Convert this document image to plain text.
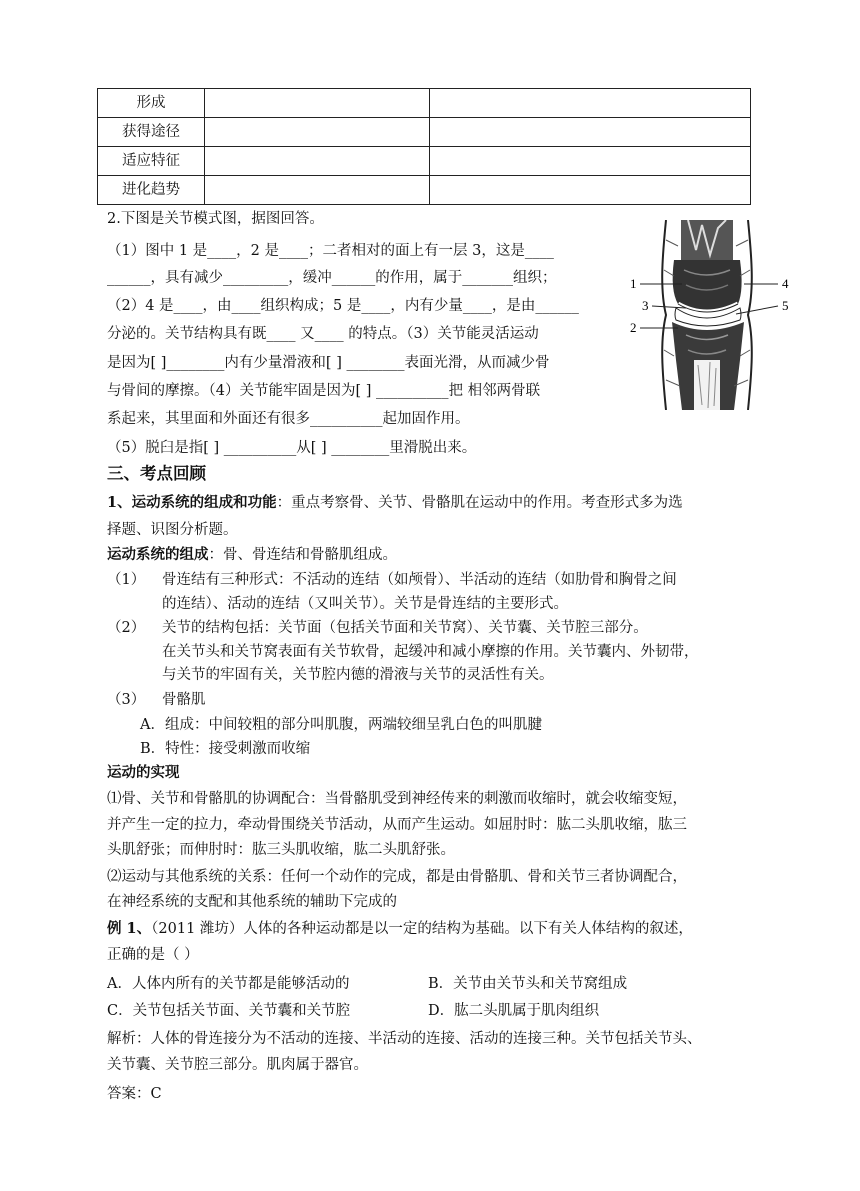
形成		
获得途径		
适应特征		
进化趋势		
2.下图是关节模式图，据图回答。
（1）图中 1 是____，2 是____；二者相对的面上有一层 3，这是____
______，具有减少_________，缓冲______的作用，属于_______组织；
（2）4 是____，由____组织构成；5 是____，内有少量____，是由______
分泌的。关节结构具有既____ 又____ 的特点。（3）关节能灵活运动
是因为[ ]________内有少量滑液和[ ] ________表面光滑，从而减少骨
与骨间的摩擦。（4）关节能牢固是因为[ ] __________把 相邻两骨联
系起来，其里面和外面还有很多__________起加固作用。
（5）脱臼是指[ ] __________从[ ] ________里滑脱出来。
1
2
3
4
5
三、考点回顾
1、运动系统的组成和功能：重点考察骨、关节、骨骼肌在运动中的作用。考查形式多为选
择题、识图分析题。
运动系统的组成：骨、骨连结和骨骼肌组成。
（1） 骨连结有三种形式：不活动的连结（如颅骨）、半活动的连结（如肋骨和胸骨之间
的连结）、活动的连结（又叫关节）。关节是骨连结的主要形式。
（2） 关节的结构包括：关节面（包括关节面和关节窝）、关节囊、关节腔三部分。
在关节头和关节窝表面有关节软骨，起缓冲和减小摩擦的作用。关节囊内、外韧带，
与关节的牢固有关，关节腔内德的滑液与关节的灵活性有关。
（3） 骨骼肌
A．组成：中间较粗的部分叫肌腹，两端较细呈乳白色的叫肌腱
B．特性：接受刺激而收缩
运动的实现
⑴骨、关节和骨骼肌的协调配合：当骨骼肌受到神经传来的刺激而收缩时，就会收缩变短，
并产生一定的拉力，牵动骨围绕关节活动，从而产生运动。如屈肘时：肱二头肌收缩，肱三
头肌舒张；而伸肘时：肱三头肌收缩，肱二头肌舒张。
⑵运动与其他系统的关系：任何一个动作的完成，都是由骨骼肌、骨和关节三者协调配合，
在神经系统的支配和其他系统的辅助下完成的
例 1、（2011 潍坊）人体的各种运动都是以一定的结构为基础。以下有关人体结构的叙述，
正确的是（ ）
A．人体内所有的关节都是能够活动的	B．关节由关节头和关节窝组成
C．关节包括关节面、关节囊和关节腔	D．肱二头肌属于肌肉组织
解析：人体的骨连接分为不活动的连接、半活动的连接、活动的连接三种。关节包括关节头、
关节囊、关节腔三部分。肌肉属于器官。
答案：C
